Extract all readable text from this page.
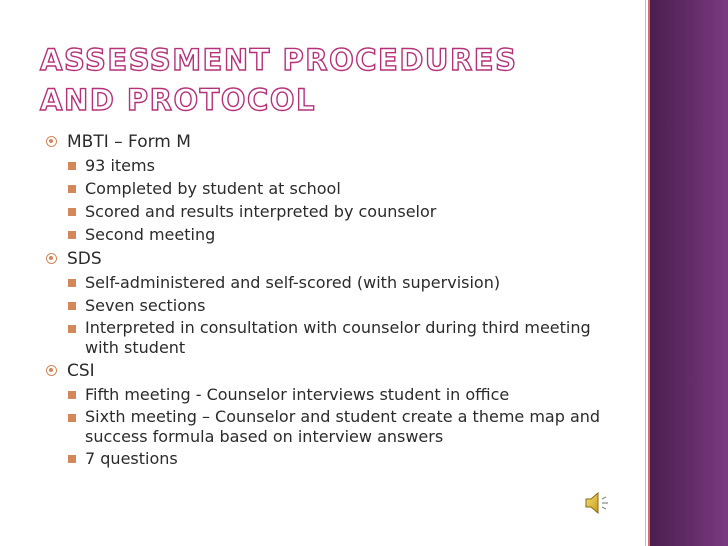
ASSESSMENT PROCEDURES AND PROTOCOL
MBTI – Form M
93 items
Completed by student at school
Scored and results interpreted by counselor
Second meeting
SDS
Self-administered and self-scored (with supervision)
Seven sections
Interpreted in consultation with counselor during third meeting with student
CSI
Fifth meeting - Counselor interviews student in office
Sixth meeting – Counselor and student create a theme map and success formula based on interview answers
7 questions
